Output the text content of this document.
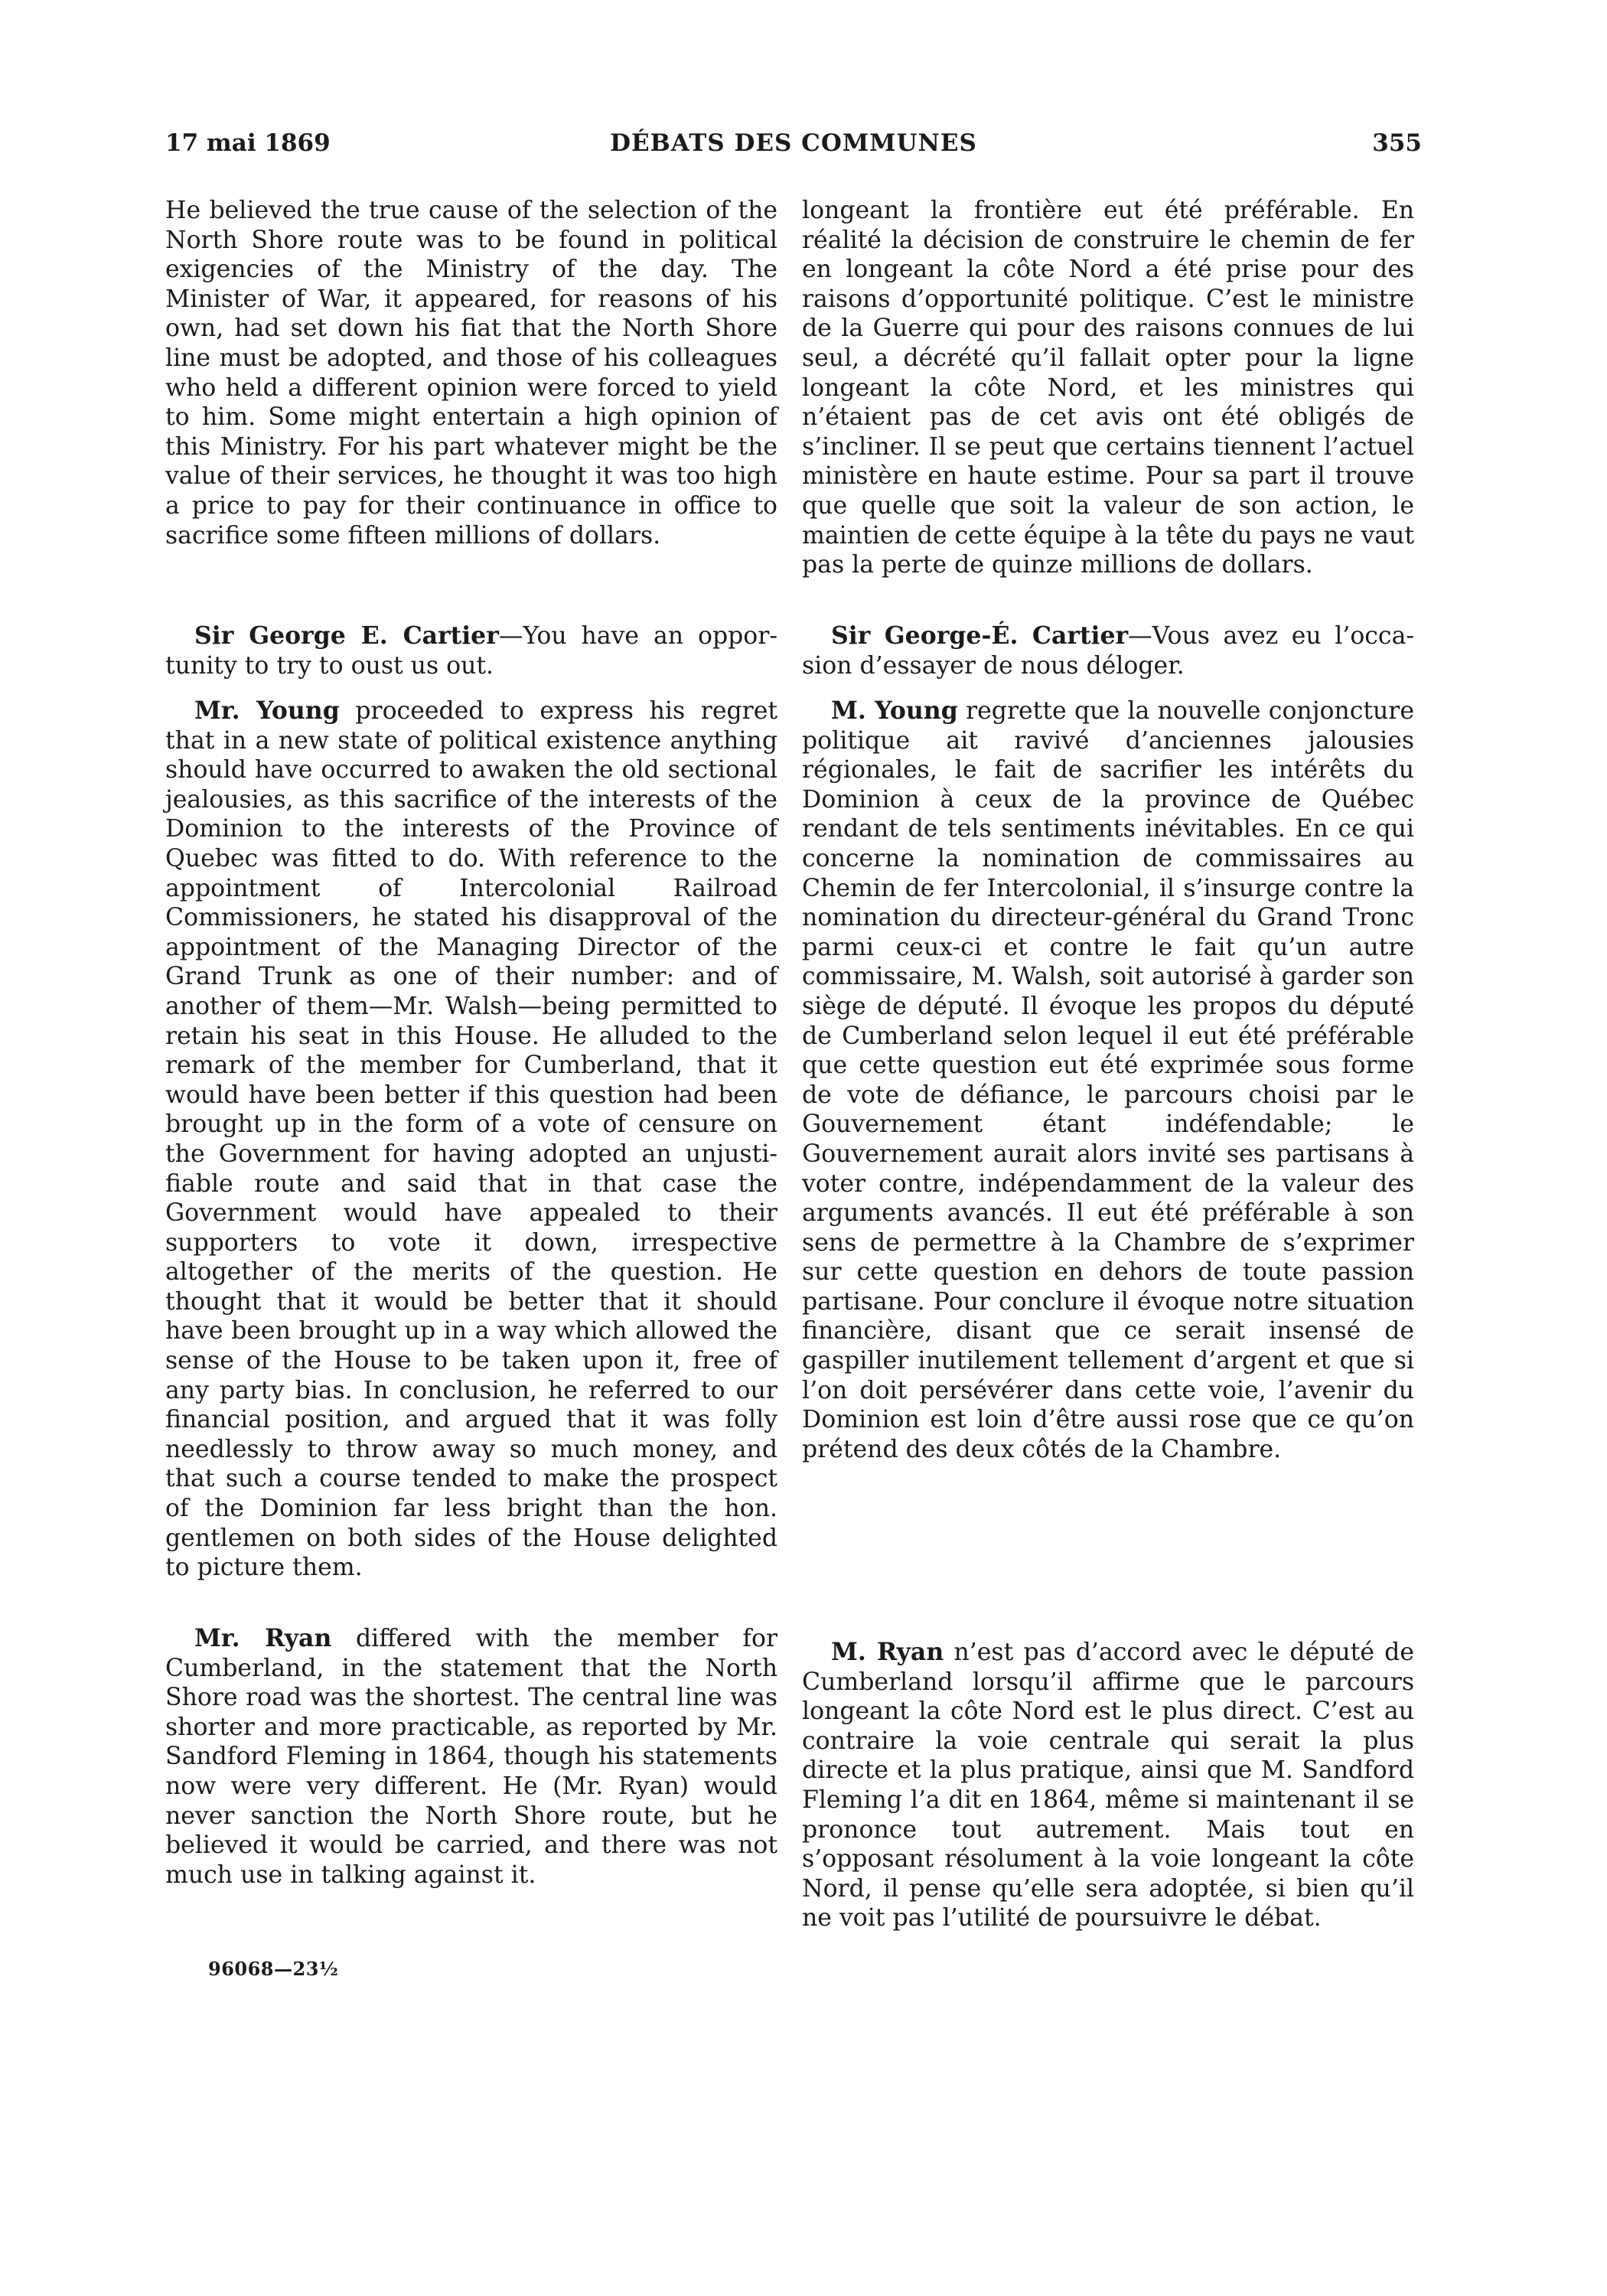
17 mai 1869	DÉBATS DES COMMUNES	355

He believed the true cause of the selection of the North Shore route was to be found in political exigencies of the Ministry of the day. The Minister of War, it appeared, for reasons of his own, had set down his fiat that the North Shore line must be adopted, and those of his colleagues who held a different opinion were forced to yield to him. Some might entertain a high opinion of this Ministry. For his part whatever might be the value of their services, he thought it was too high a price to pay for their continuance in office to sacrifice some fifteen millions of dollars.

Sir George E. Cartier—You have an opportunity to try to oust us out.

Mr. Young proceeded to express his regret that in a new state of political existence anything should have occurred to awaken the old sectional jealousies, as this sacrifice of the interests of the Dominion to the interests of the Province of Quebec was fitted to do. With reference to the appointment of Intercolonial Railroad Commissioners, he stated his disapproval of the appointment of the Managing Director of the Grand Trunk as one of their number: and of another of them—Mr. Walsh—being permitted to retain his seat in this House. He alluded to the remark of the member for Cumberland, that it would have been better if this question had been brought up in the form of a vote of censure on the Government for having adopted an unjustifiable route and said that in that case the Government would have appealed to their supporters to vote it down, irrespective altogether of the merits of the question. He thought that it would be better that it should have been brought up in a way which allowed the sense of the House to be taken upon it, free of any party bias. In conclusion, he referred to our financial position, and argued that it was folly needlessly to throw away so much money, and that such a course tended to make the prospect of the Dominion far less bright than the hon. gentlemen on both sides of the House delighted to picture them.

Mr. Ryan differed with the member for Cumberland, in the statement that the North Shore road was the shortest. The central line was shorter and more practicable, as reported by Mr. Sandford Fleming in 1864, though his statements now were very different. He (Mr. Ryan) would never sanction the North Shore route, but he believed it would be carried, and there was not much use in talking against it.

96068—23½

longeant la frontière eut été préférable. En réalité la décision de construire le chemin de fer en longeant la côte Nord a été prise pour des raisons d’opportunité politique. C’est le ministre de la Guerre qui pour des raisons connues de lui seul, a décrété qu’il fallait opter pour la ligne longeant la côte Nord, et les ministres qui n’étaient pas de cet avis ont été obligés de s’incliner. Il se peut que certains tiennent l’actuel ministère en haute estime. Pour sa part il trouve que quelle que soit la valeur de son action, le maintien de cette équipe à la tête du pays ne vaut pas la perte de quinze millions de dollars.

Sir George-É. Cartier—Vous avez eu l’occasion d’essayer de nous déloger.

M. Young regrette que la nouvelle conjoncture politique ait ravivé d’anciennes jalousies régionales, le fait de sacrifier les intérêts du Dominion à ceux de la province de Québec rendant de tels sentiments inévitables. En ce qui concerne la nomination de commissaires au Chemin de fer Intercolonial, il s’insurge contre la nomination du directeur-général du Grand Tronc parmi ceux-ci et contre le fait qu’un autre commissaire, M. Walsh, soit autorisé à garder son siège de député. Il évoque les propos du député de Cumberland selon lequel il eut été préférable que cette question eut été exprimée sous forme de vote de défiance, le parcours choisi par le Gouvernement étant indéfendable; le Gouvernement aurait alors invité ses partisans à voter contre, indépendamment de la valeur des arguments avancés. Il eut été préférable à son sens de permettre à la Chambre de s’exprimer sur cette question en dehors de toute passion partisane. Pour conclure il évoque notre situation financière, disant que ce serait insensé de gaspiller inutilement tellement d’argent et que si l’on doit persévérer dans cette voie, l’avenir du Dominion est loin d’être aussi rose que ce qu’on prétend des deux côtés de la Chambre.

M. Ryan n’est pas d’accord avec le député de Cumberland lorsqu’il affirme que le parcours longeant la côte Nord est le plus direct. C’est au contraire la voie centrale qui serait la plus directe et la plus pratique, ainsi que M. Sandford Fleming l’a dit en 1864, même si maintenant il se prononce tout autrement. Mais tout en s’opposant résolument à la voie longeant la côte Nord, il pense qu’elle sera adoptée, si bien qu’il ne voit pas l’utilité de poursuivre le débat.
